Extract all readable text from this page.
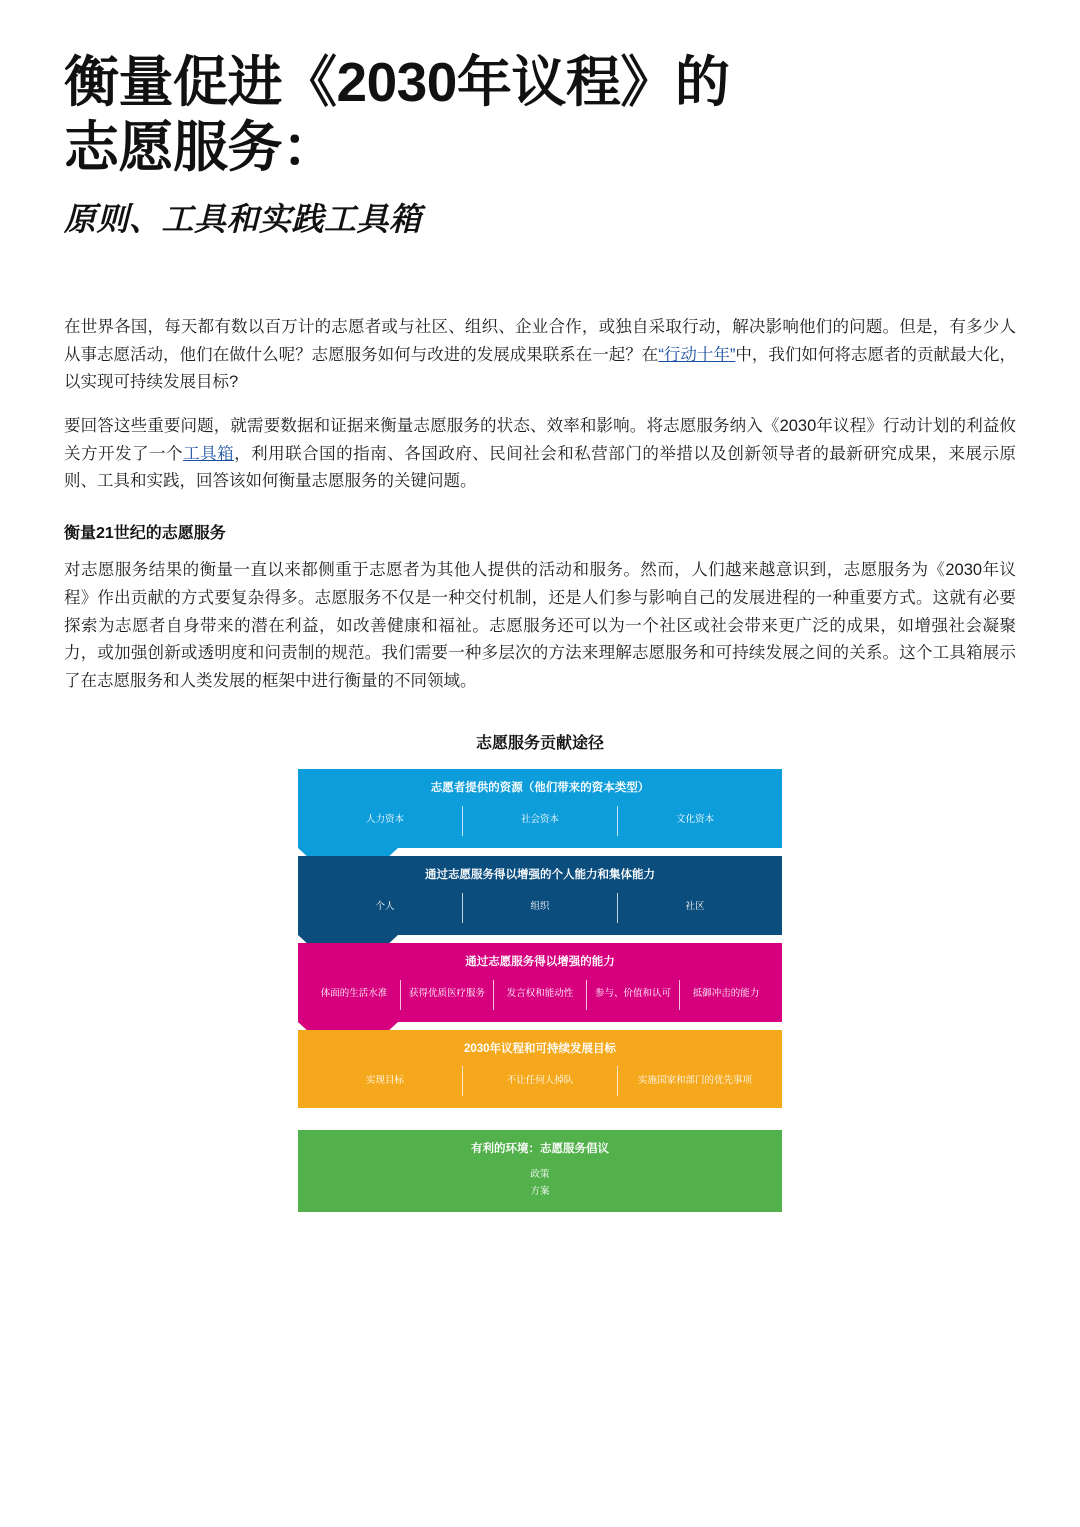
衡量促进《2030年议程》的
志愿服务：
原则、工具和实践工具箱

在世界各国，每天都有数以百万计的志愿者或与社区、组织、企业合作，或独自采取行动，解决影响他们的问题。但是，有多少人从事志愿活动，他们在做什么呢？志愿服务如何与改进的发展成果联系在一起？在“行动十年”中，我们如何将志愿者的贡献最大化，以实现可持续发展目标?

要回答这些重要问题，就需要数据和证据来衡量志愿服务的状态、效率和影响。将志愿服务纳入《2030年议程》行动计划的利益攸关方开发了一个工具箱，利用联合国的指南、各国政府、民间社会和私营部门的举措以及创新领导者的最新研究成果，来展示原则、工具和实践，回答该如何衡量志愿服务的关键问题。

衡量21世纪的志愿服务

对志愿服务结果的衡量一直以来都侧重于志愿者为其他人提供的活动和服务。然而，人们越来越意识到，志愿服务为《2030年议程》作出贡献的方式要复杂得多。志愿服务不仅是一种交付机制，还是人们参与影响自己的发展进程的一种重要方式。这就有必要探索为志愿者自身带来的潜在利益，如改善健康和福祉。志愿服务还可以为一个社区或社会带来更广泛的成果，如增强社会凝聚力，或加强创新或透明度和问责制的规范。我们需要一种多层次的方法来理解志愿服务和可持续发展之间的关系。这个工具箱展示了在志愿服务和人类发展的框架中进行衡量的不同领域。

志愿服务贡献途径
志愿者提供的资源（他们带来的资本类型）
人力资本	社会资本	文化资本
通过志愿服务得以增强的个人能力和集体能力
个人	组织	社区
通过志愿服务得以增强的能力
体面的生活水准	获得优质医疗服务	发言权和能动性	参与、价值和认可	抵御冲击的能力
2030年议程和可持续发展目标
实现目标	不让任何人掉队	实施国家和部门的优先事项
有利的环境：志愿服务倡议
政策
方案
